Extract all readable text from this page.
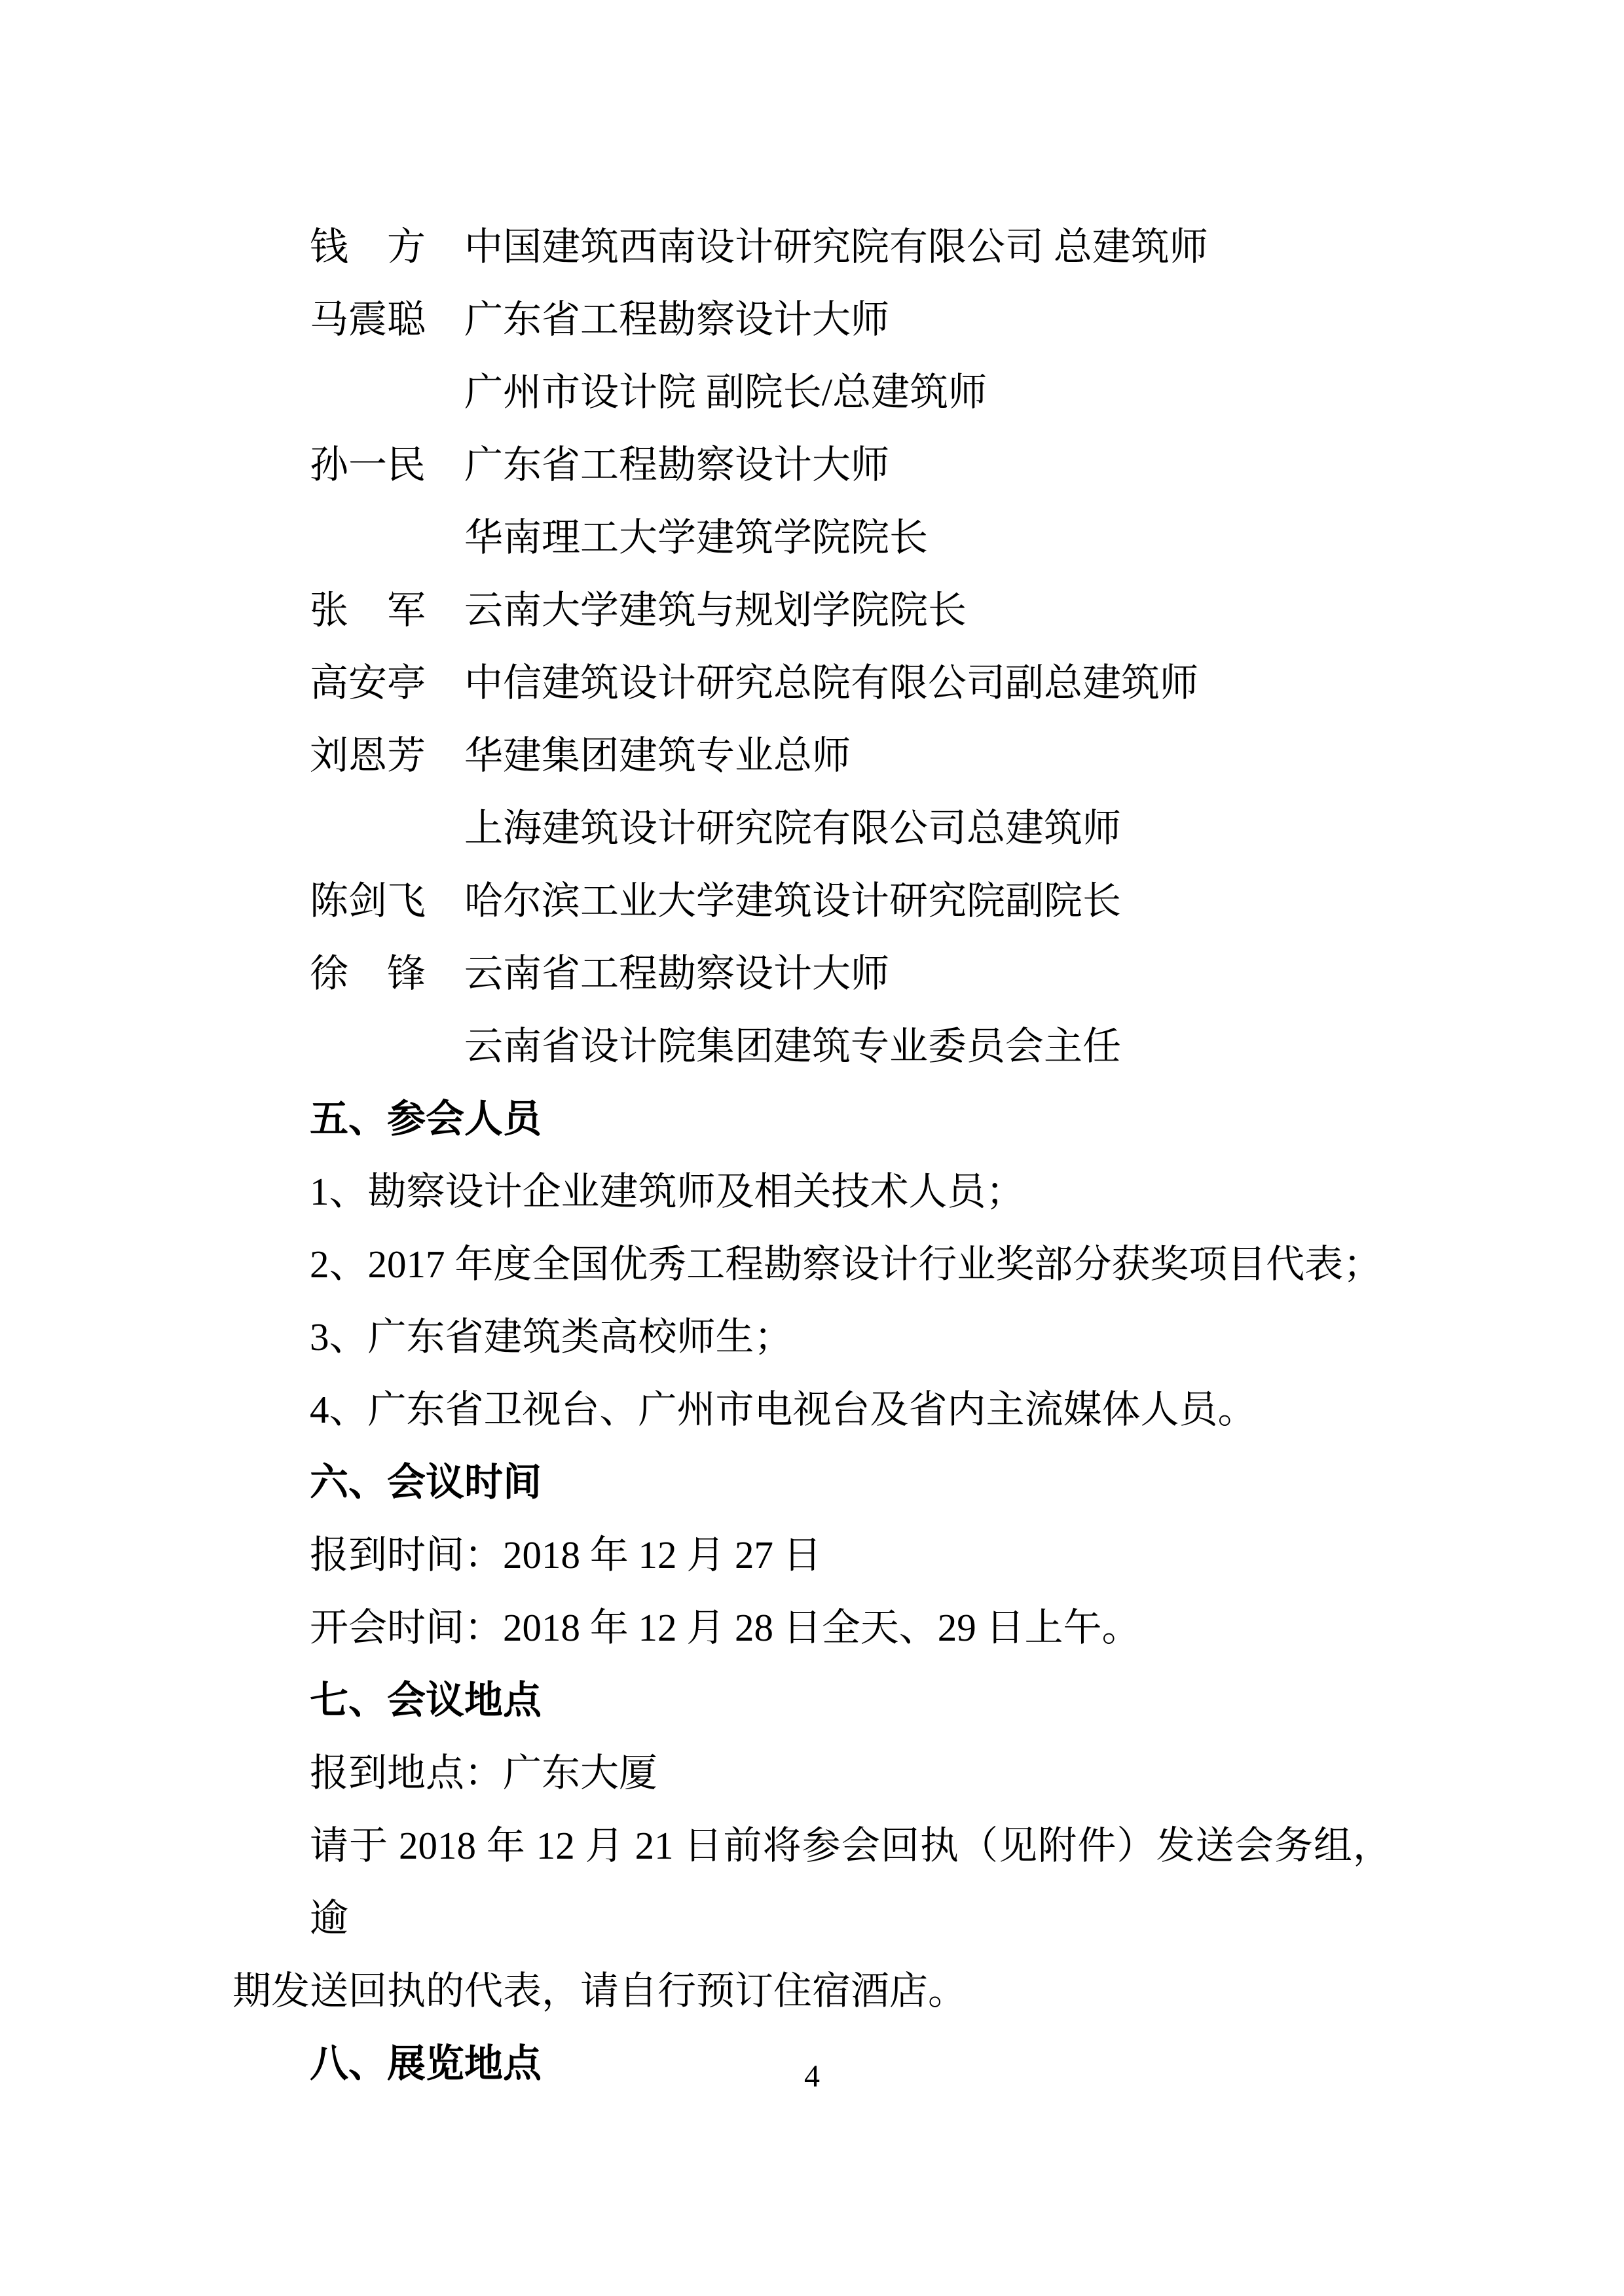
钱　方　中国建筑西南设计研究院有限公司 总建筑师
马震聪　广东省工程勘察设计大师
广州市设计院 副院长/总建筑师
孙一民　广东省工程勘察设计大师
华南理工大学建筑学院院长
张　军　云南大学建筑与规划学院院长
高安亭　中信建筑设计研究总院有限公司副总建筑师
刘恩芳　华建集团建筑专业总师
上海建筑设计研究院有限公司总建筑师
陈剑飞　哈尔滨工业大学建筑设计研究院副院长
徐　锋　云南省工程勘察设计大师
云南省设计院集团建筑专业委员会主任
五、参会人员
1、勘察设计企业建筑师及相关技术人员；
2、2017 年度全国优秀工程勘察设计行业奖部分获奖项目代表；
3、广东省建筑类高校师生；
4、广东省卫视台、广州市电视台及省内主流媒体人员。
六、会议时间
报到时间：2018 年 12 月 27 日
开会时间：2018 年 12 月 28 日全天、29 日上午。
七、会议地点
报到地点：广东大厦
请于 2018 年 12 月 21 日前将参会回执（见附件）发送会务组，逾
期发送回执的代表，请自行预订住宿酒店。
八、展览地点	4
